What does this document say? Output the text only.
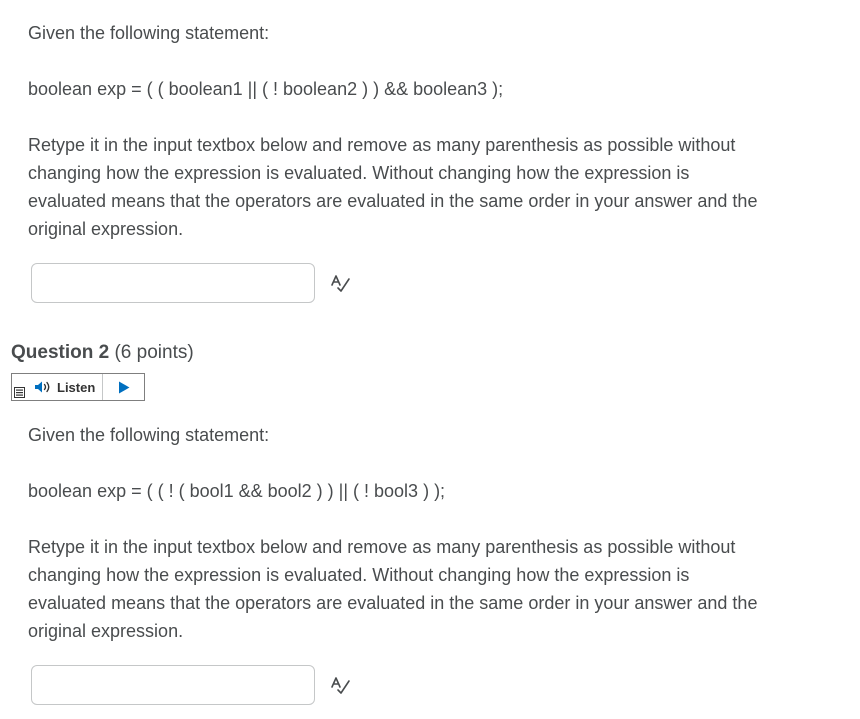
Given the following statement:

boolean exp = ( ( boolean1 || ( ! boolean2 ) ) && boolean3 );

Retype it in the input textbox below and remove as many parenthesis as possible without changing how the expression is evaluated. Without changing how the expression is evaluated means that the operators are evaluated in the same order in your answer and the original expression.

Question 2 (6 points)
Listen

Given the following statement:

boolean exp = ( ( ! ( bool1 && bool2 ) ) || ( ! bool3 ) );

Retype it in the input textbox below and remove as many parenthesis as possible without changing how the expression is evaluated. Without changing how the expression is evaluated means that the operators are evaluated in the same order in your answer and the original expression.
